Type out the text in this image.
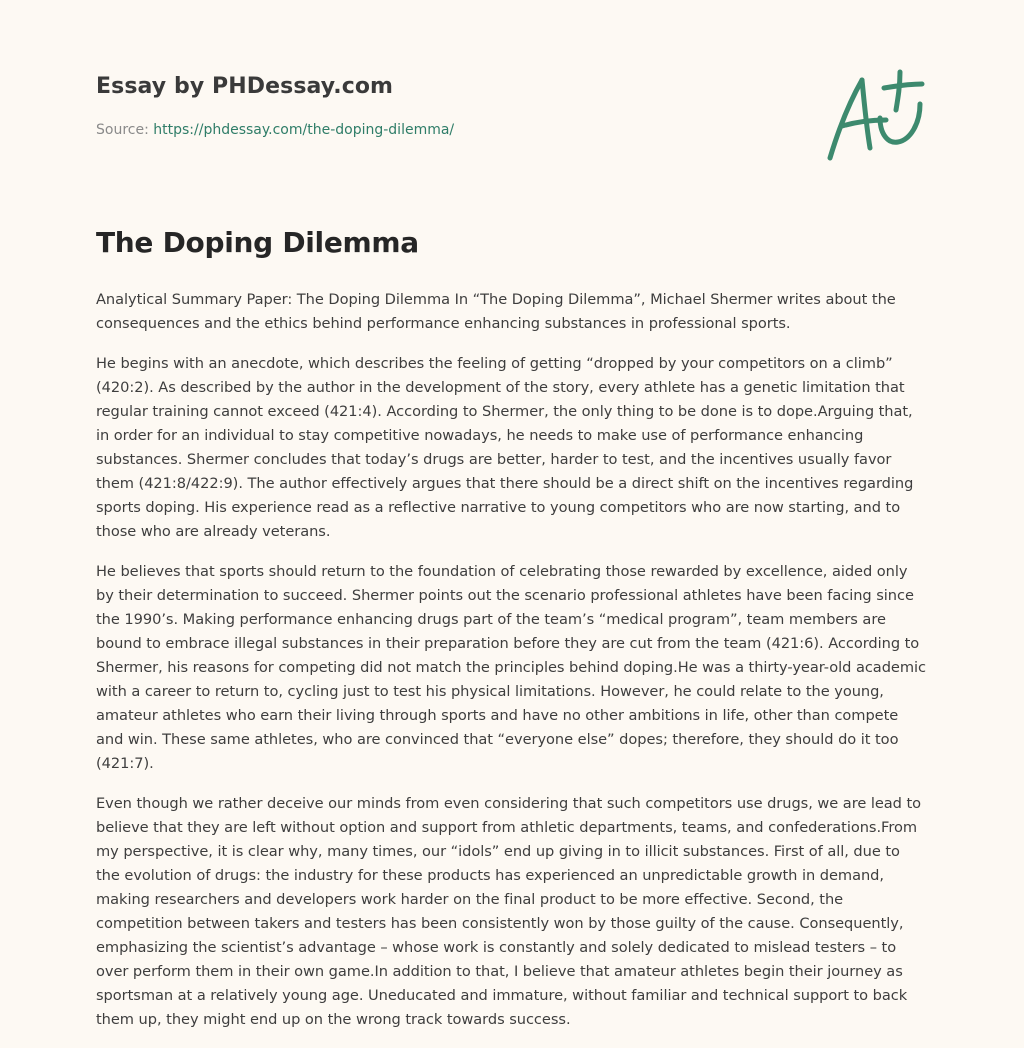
Essay by PHDessay.com
Source: https://phdessay.com/the-doping-dilemma/
The Doping Dilemma

Analytical Summary Paper: The Doping Dilemma In “The Doping Dilemma”, Michael Shermer writes about the consequences and the ethics behind performance enhancing substances in professional sports.

He begins with an anecdote, which describes the feeling of getting “dropped by your competitors on a climb” (420:2). As described by the author in the development of the story, every athlete has a genetic limitation that regular training cannot exceed (421:4). According to Shermer, the only thing to be done is to dope.Arguing that, in order for an individual to stay competitive nowadays, he needs to make use of performance enhancing substances. Shermer concludes that today’s drugs are better, harder to test, and the incentives usually favor them (421:8/422:9). The author effectively argues that there should be a direct shift on the incentives regarding sports doping. His experience read as a reflective narrative to young competitors who are now starting, and to those who are already veterans.

He believes that sports should return to the foundation of celebrating those rewarded by excellence, aided only by their determination to succeed. Shermer points out the scenario professional athletes have been facing since the 1990’s. Making performance enhancing drugs part of the team’s “medical program”, team members are bound to embrace illegal substances in their preparation before they are cut from the team (421:6). According to Shermer, his reasons for competing did not match the principles behind doping.He was a thirty-year-old academic with a career to return to, cycling just to test his physical limitations. However, he could relate to the young, amateur athletes who earn their living through sports and have no other ambitions in life, other than compete and win. These same athletes, who are convinced that “everyone else” dopes; therefore, they should do it too (421:7).

Even though we rather deceive our minds from even considering that such competitors use drugs, we are lead to believe that they are left without option and support from athletic departments, teams, and confederations.From my perspective, it is clear why, many times, our “idols” end up giving in to illicit substances. First of all, due to the evolution of drugs: the industry for these products has experienced an unpredictable growth in demand, making researchers and developers work harder on the final product to be more effective. Second, the competition between takers and testers has been consistently won by those guilty of the cause. Consequently, emphasizing the scientist’s advantage – whose work is constantly and solely dedicated to mislead testers – to over perform them in their own game.In addition to that, I believe that amateur athletes begin their journey as sportsman at a relatively young age. Uneducated and immature, without familiar and technical support to back them up, they might end up on the wrong track towards success.
